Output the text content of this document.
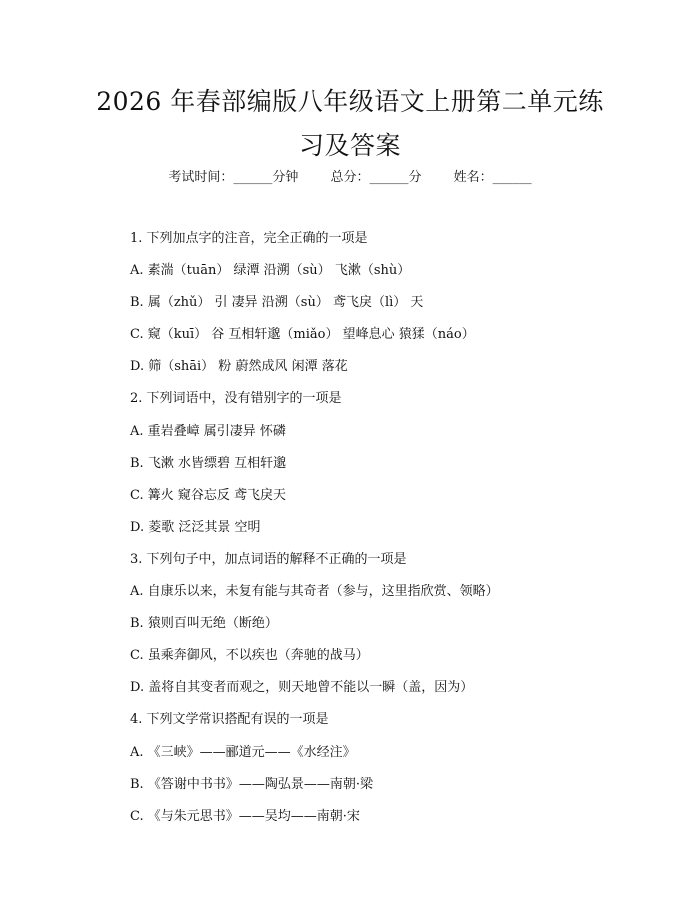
2026 年春部编版八年级语文上册第二单元练
习及答案
考试时间：______分钟 总分：______分 姓名：______
1. 下列加点字的注音，完全正确的一项是
A. 素湍（tuān） 绿潭 沿溯（sù） 飞漱（shù）
B. 属（zhǔ） 引 凄异 沿溯（sù） 鸢飞戾（lì） 天
C. 窥（kuī） 谷 互相轩邈（miǎo） 望峰息心 猿猱（náo）
D. 筛（shāi） 粉 蔚然成风 闲潭 落花
2. 下列词语中，没有错别字的一项是
A. 重岩叠嶂 属引凄异 怀磷
B. 飞漱 水皆缥碧 互相轩邈
C. 篝火 窥谷忘反 鸢飞戾天
D. 菱歌 泛泛其景 空明
3. 下列句子中，加点词语的解释不正确的一项是
A. 自康乐以来，未复有能与其奇者（参与，这里指欣赏、领略）
B. 猿则百叫无绝（断绝）
C. 虽乘奔御风，不以疾也（奔驰的战马）
D. 盖将自其变者而观之，则天地曾不能以一瞬（盖，因为）
4. 下列文学常识搭配有误的一项是
A. 《三峡》——郦道元——《水经注》
B. 《答谢中书书》——陶弘景——南朝·梁
C. 《与朱元思书》——吴均——南朝·宋
